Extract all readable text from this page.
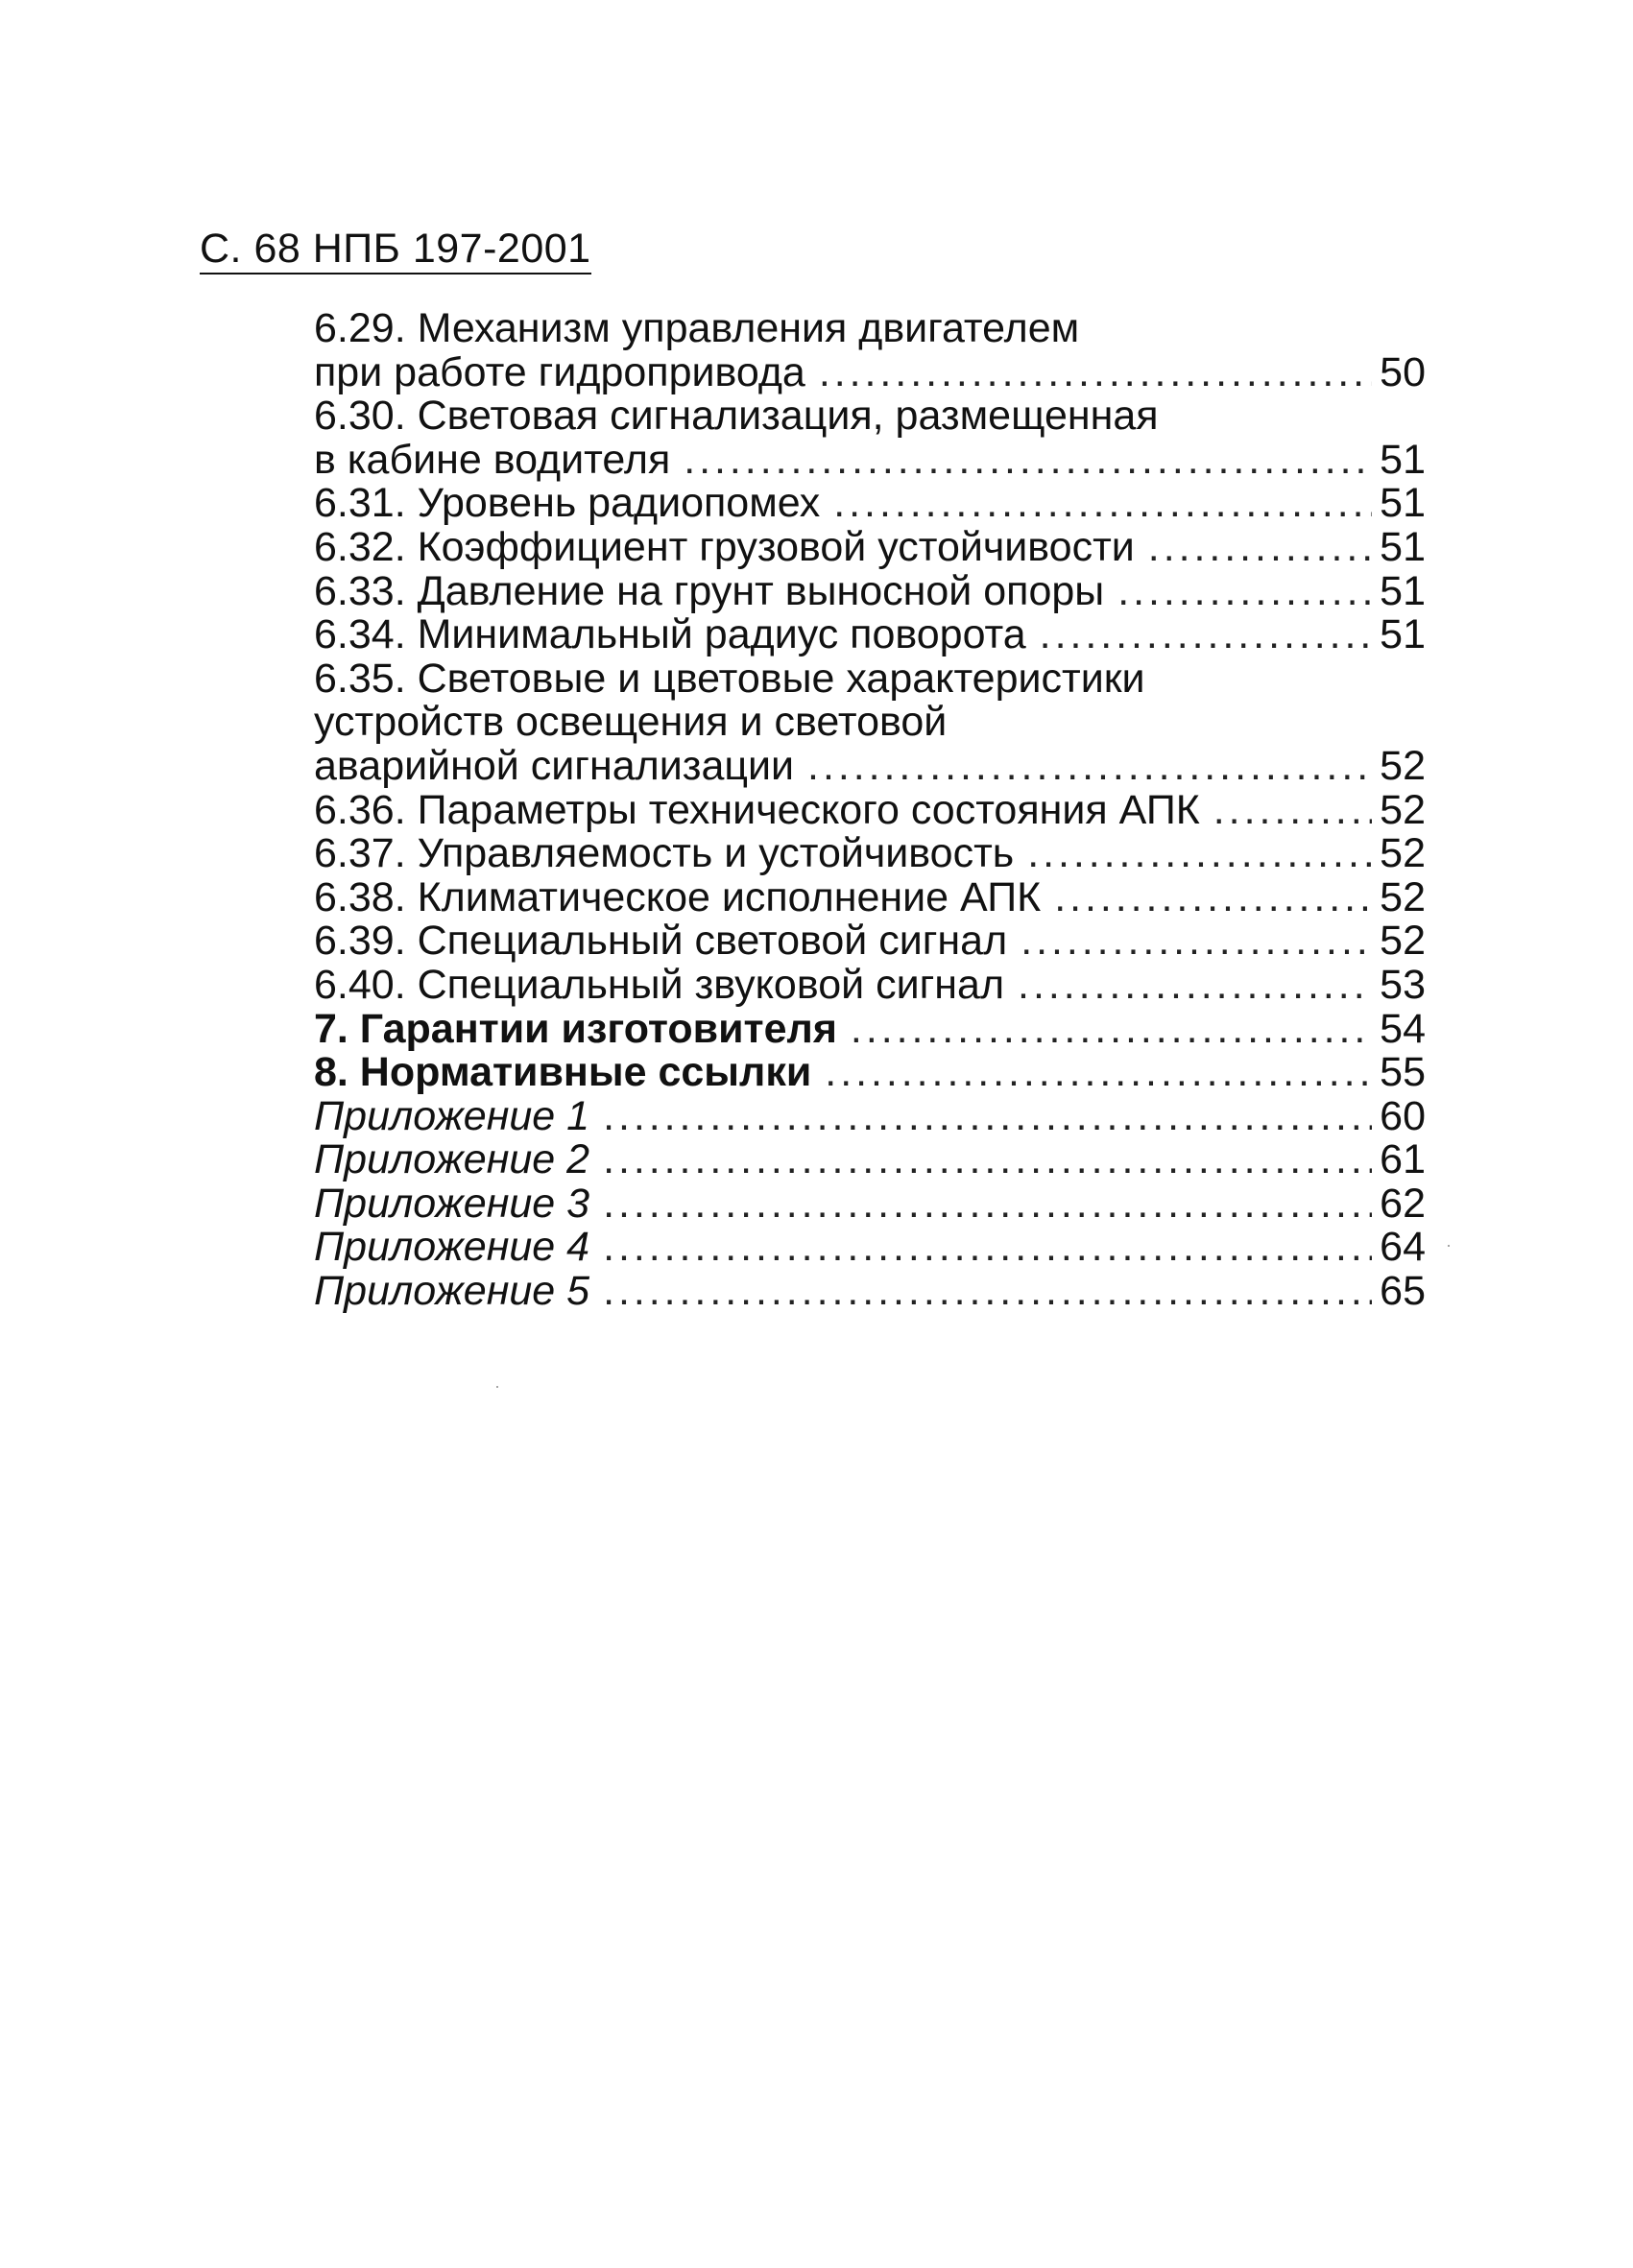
С. 68 НПБ 197-2001
6.29. Механизм управления двигателем
при работе гидропривода . . .	50
6.30. Световая сигнализация, размещенная
в кабине водителя . . .	51
6.31. Уровень радиопомех . . .	51
6.32. Коэффициент грузовой устойчивости . . .	51
6.33. Давление на грунт выносной опоры . . .	51
6.34. Минимальный радиус поворота . . .	51
6.35. Световые и цветовые характеристики
устройств освещения и световой
аварийной сигнализации . . .	52
6.36. Параметры технического состояния АПК . . .	52
6.37. Управляемость и устойчивость . . .	52
6.38. Климатическое исполнение АПК . . .	52
6.39. Специальный световой сигнал . . .	52
6.40. Специальный звуковой сигнал . . .	53
7. Гарантии изготовителя . . .	54
8. Нормативные ссылки . . .	55
Приложение 1 . . .	60
Приложение 2 . . .	61
Приложение 3 . . .	62
Приложение 4 . . .	64
Приложение 5 . . .	65
